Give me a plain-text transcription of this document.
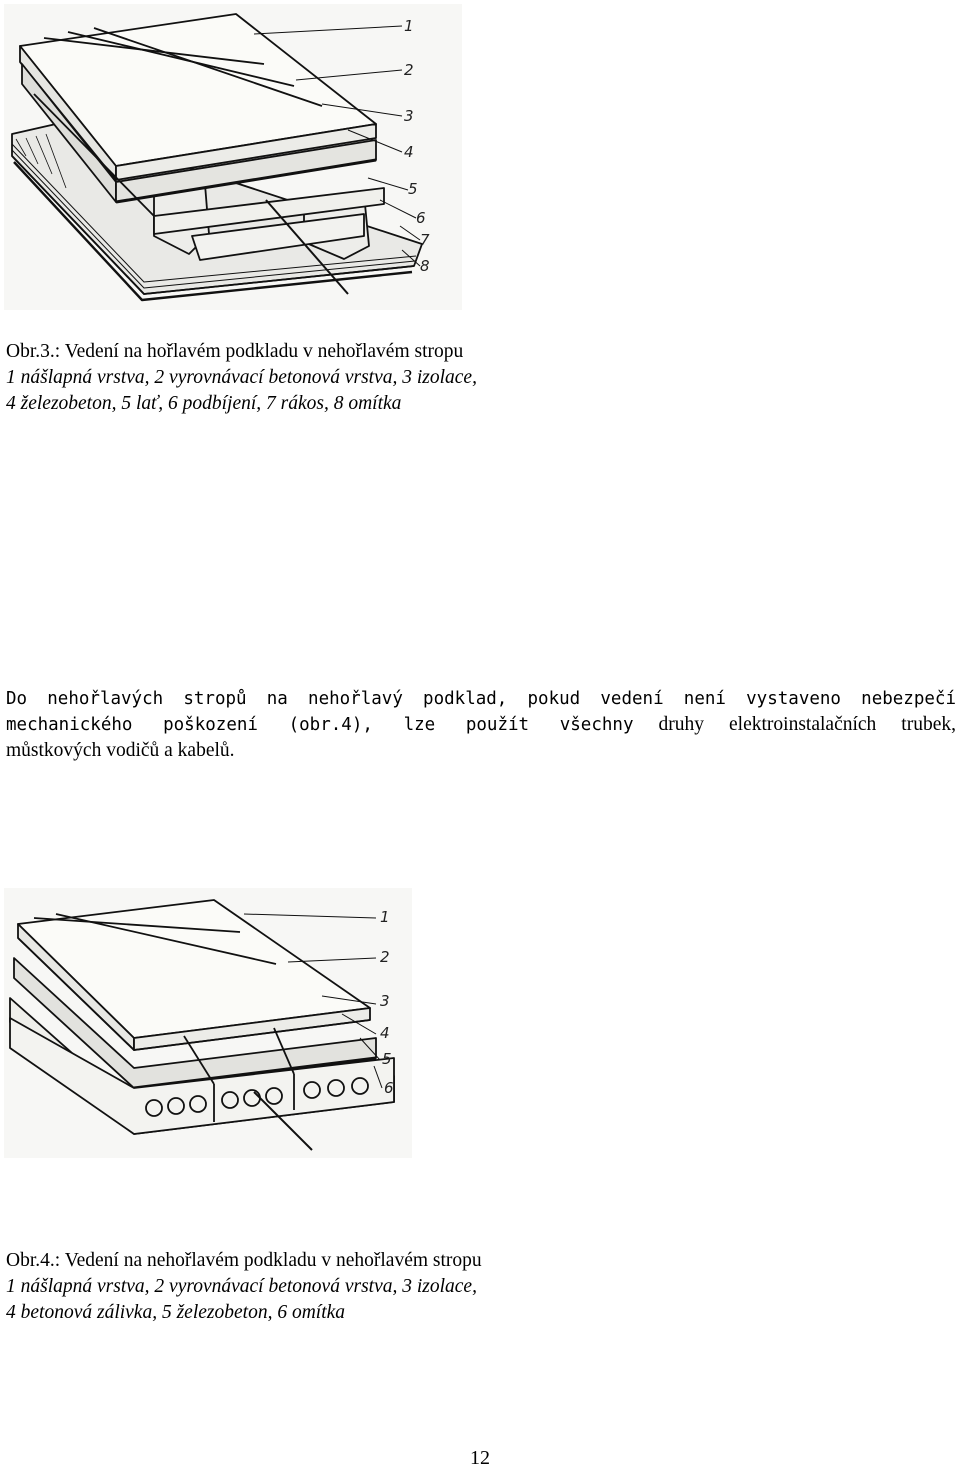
1
2
3
4
5
6
7
8
Obr.3.: Vedení na hořlavém podkladu v nehořlavém stropu
1 nášlapná vrstva, 2 vyrovnávací betonová vrstva, 3 izolace,
4 železobeton, 5 lať, 6 podbíjení, 7 rákos, 8 omítka
Do nehořlavých stropů na nehořlavý podklad, pokud vedení není vystaveno nebezpečí
mechanického poškození (obr.4), lze použít všechny druhy elektroinstalačních trubek,
můstkových vodičů a kabelů.
1
2
3
4
5
6
Obr.4.: Vedení na nehořlavém podkladu v nehořlavém stropu
1 nášlapná vrstva, 2 vyrovnávací betonová vrstva, 3 izolace,
4 betonová zálivka, 5 železobeton, 6 omítka
12
